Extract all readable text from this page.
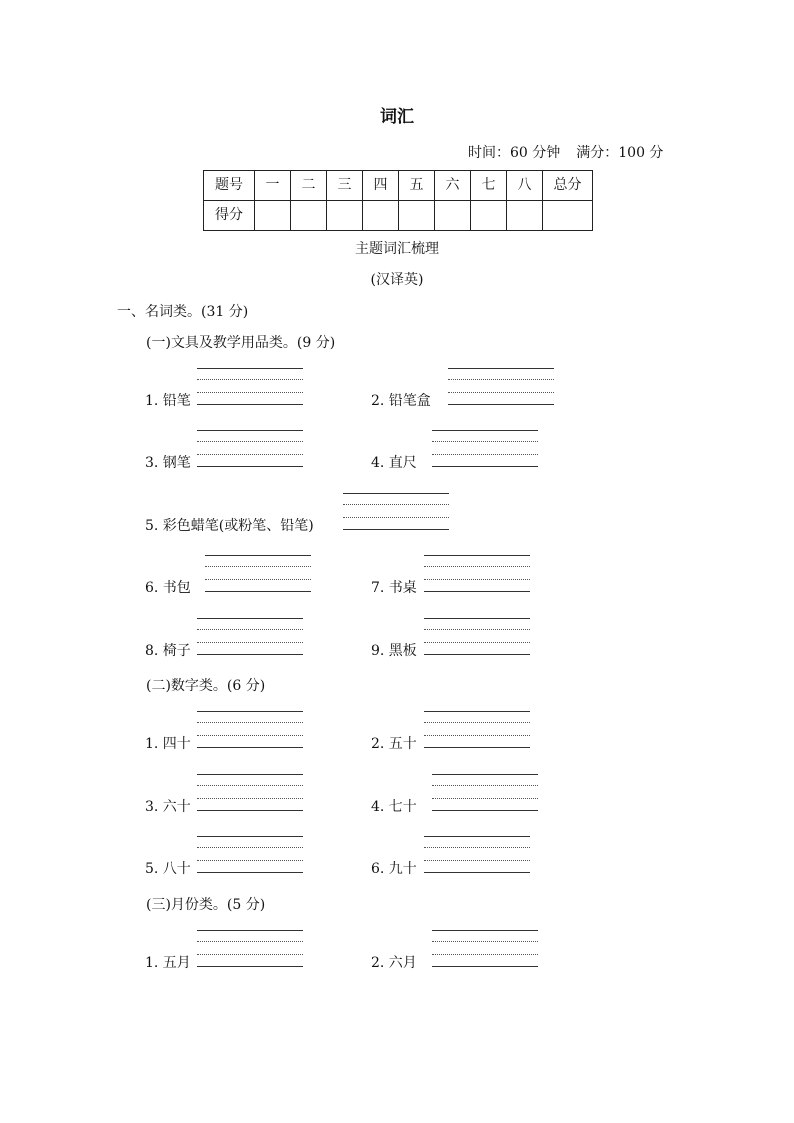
词汇
时间：60 分钟 满分：100 分
题号	一	二	三	四	五	六	七	八	总分
得分									
主题词汇梳理
(汉译英)
一、名词类。(31 分)
(一)文具及教学用品类。(9 分)
1. 铅笔	2. 铅笔盒
3. 钢笔	4. 直尺
5. 彩色蜡笔(或粉笔、铅笔)
6. 书包	7. 书桌
8. 椅子	9. 黑板
(二)数字类。(6 分)
1. 四十	2. 五十
3. 六十	4. 七十
5. 八十	6. 九十
(三)月份类。(5 分)
1. 五月	2. 六月
